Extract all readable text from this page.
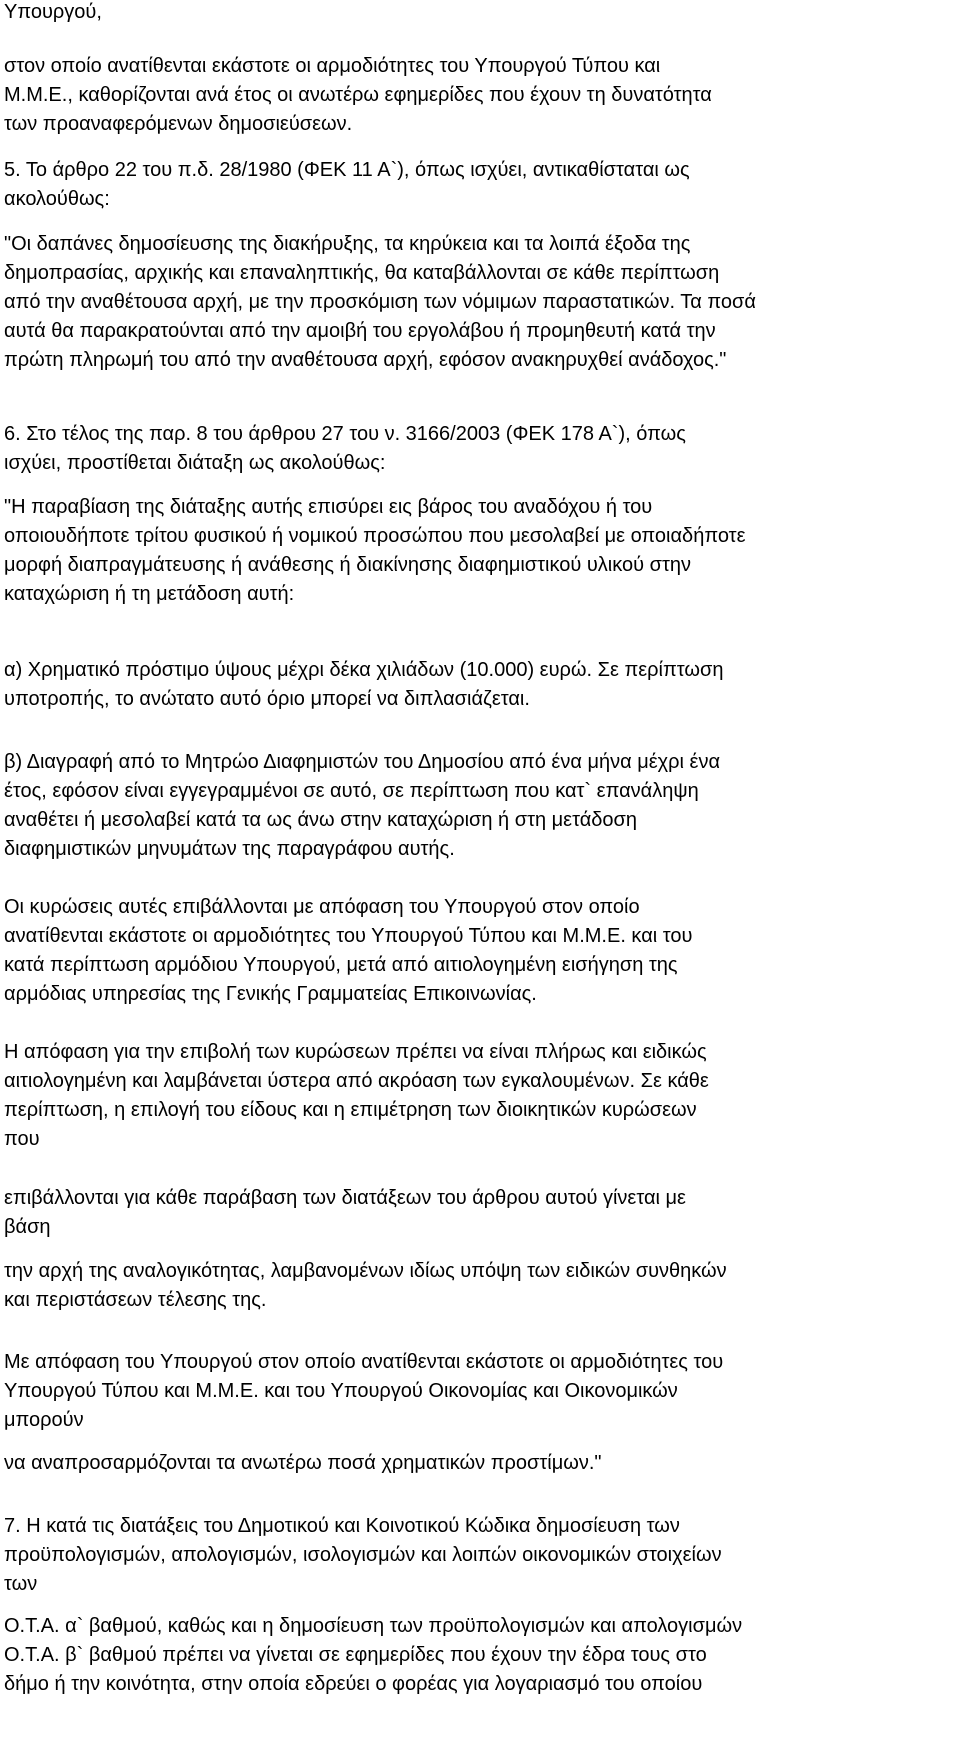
Υπουργού,

στον οποίο ανατίθενται εκάστοτε οι αρμοδιότητες του Υπουργού Τύπου και
Μ.Μ.Ε., καθορίζονται ανά έτος οι ανωτέρω εφημερίδες που έχουν τη δυνατότητα
των προαναφερόμενων δημοσιεύσεων.

5. Το άρθρο 22 του π.δ. 28/1980 (ΦΕΚ 11 Α`), όπως ισχύει, αντικαθίσταται ως
ακολούθως:

"Οι δαπάνες δημοσίευσης της διακήρυξης, τα κηρύκεια και τα λοιπά έξοδα της
δημοπρασίας, αρχικής και επαναληπτικής, θα καταβάλλονται σε κάθε περίπτωση
από την αναθέτουσα αρχή, με την προσκόμιση των νόμιμων παραστατικών. Τα ποσά
αυτά θα παρακρατούνται από την αμοιβή του εργολάβου ή προμηθευτή κατά την
πρώτη πληρωμή του από την αναθέτουσα αρχή, εφόσον ανακηρυχθεί ανάδοχος."

6. Στο τέλος της παρ. 8 του άρθρου 27 του ν. 3166/2003 (ΦΕΚ 178 Α`), όπως
ισχύει, προστίθεται διάταξη ως ακολούθως:

"Η παραβίαση της διάταξης αυτής επισύρει εις βάρος του αναδόχου ή του
οποιουδήποτε τρίτου φυσικού ή νομικού προσώπου που μεσολαβεί με οποιαδήποτε
μορφή διαπραγμάτευσης ή ανάθεσης ή διακίνησης διαφημιστικού υλικού στην
καταχώριση ή τη μετάδοση αυτή:

α) Χρηματικό πρόστιμο ύψους μέχρι δέκα χιλιάδων (10.000) ευρώ. Σε περίπτωση
υποτροπής, το ανώτατο αυτό όριο μπορεί να διπλασιάζεται.

β) Διαγραφή από το Μητρώο Διαφημιστών του Δημοσίου από ένα μήνα μέχρι ένα
έτος, εφόσον είναι εγγεγραμμένοι σε αυτό, σε περίπτωση που κατ` επανάληψη
αναθέτει ή μεσολαβεί κατά τα ως άνω στην καταχώριση ή στη μετάδοση
διαφημιστικών μηνυμάτων της παραγράφου αυτής.

Οι κυρώσεις αυτές επιβάλλονται με απόφαση του Υπουργού στον οποίο
ανατίθενται εκάστοτε οι αρμοδιότητες του Υπουργού Τύπου και Μ.Μ.Ε. και του
κατά περίπτωση αρμόδιου Υπουργού, μετά από αιτιολογημένη εισήγηση της
αρμόδιας υπηρεσίας της Γενικής Γραμματείας Επικοινωνίας.

Η απόφαση για την επιβολή των κυρώσεων πρέπει να είναι πλήρως και ειδικώς
αιτιολογημένη και λαμβάνεται ύστερα από ακρόαση των εγκαλουμένων. Σε κάθε
περίπτωση, η επιλογή του είδους και η επιμέτρηση των διοικητικών κυρώσεων
που

επιβάλλονται για κάθε παράβαση των διατάξεων του άρθρου αυτού γίνεται με
βάση

την αρχή της αναλογικότητας, λαμβανομένων ιδίως υπόψη των ειδικών συνθηκών
και περιστάσεων τέλεσης της.

Με απόφαση του Υπουργού στον οποίο ανατίθενται εκάστοτε οι αρμοδιότητες του
Υπουργού Τύπου και Μ.Μ.Ε. και του Υπουργού Οικονομίας και Οικονομικών
μπορούν

να αναπροσαρμόζονται τα ανωτέρω ποσά χρηματικών προστίμων."

7. Η κατά τις διατάξεις του Δημοτικού και Κοινοτικού Κώδικα δημοσίευση των
προϋπολογισμών, απολογισμών, ισολογισμών και λοιπών οικονομικών στοιχείων
των

Ο.Τ.Α. α` βαθμού, καθώς και η δημοσίευση των προϋπολογισμών και απολογισμών
Ο.Τ.Α. β` βαθμού πρέπει να γίνεται σε εφημερίδες που έχουν την έδρα τους στο
δήμο ή την κοινότητα, στην οποία εδρεύει ο φορέας για λογαριασμό του οποίου
